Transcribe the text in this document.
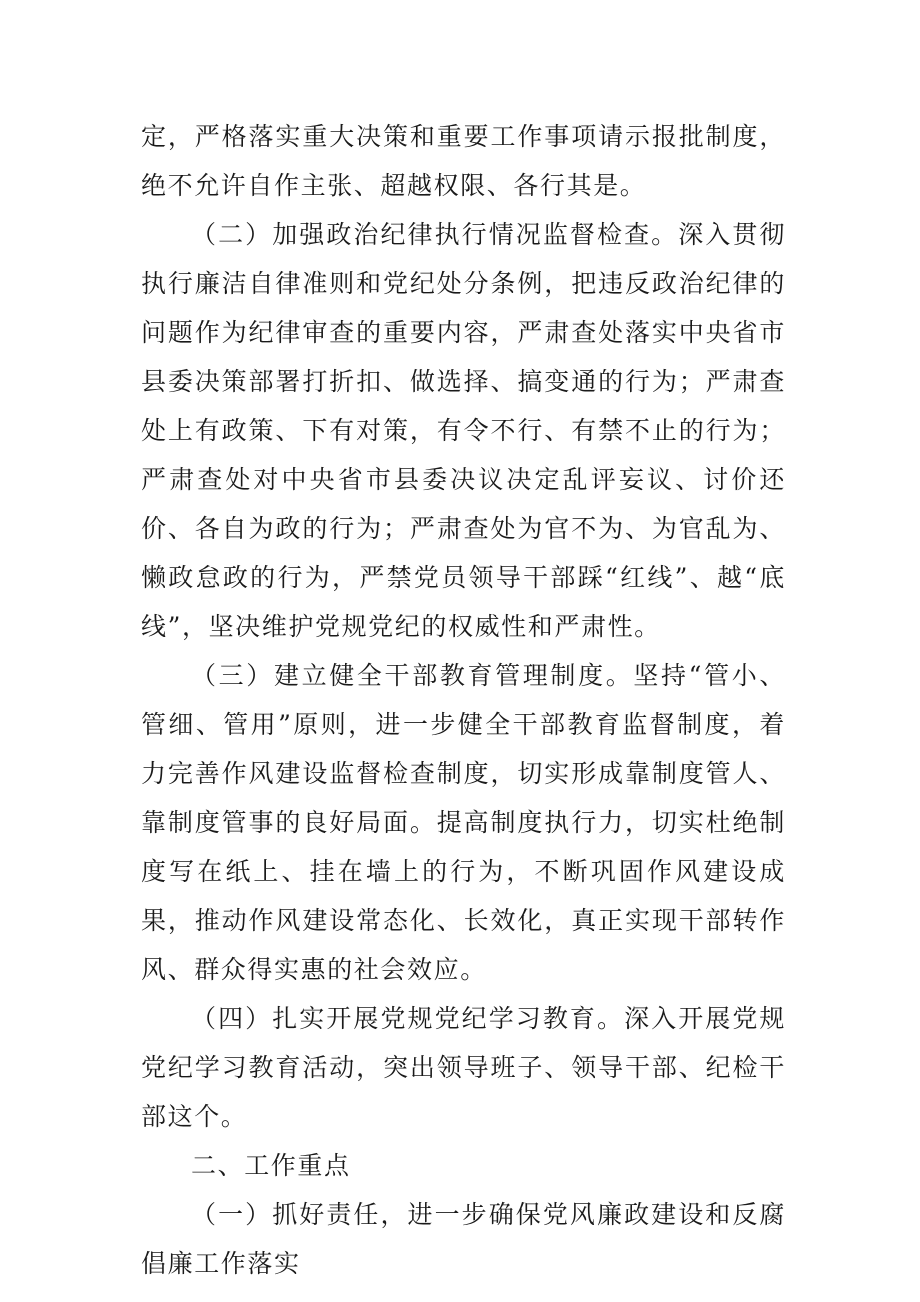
定，严格落实重大决策和重要工作事项请示报批制度，绝不允许自作主张、超越权限、各行其是。

（二）加强政治纪律执行情况监督检查。深入贯彻执行廉洁自律准则和党纪处分条例，把违反政治纪律的问题作为纪律审查的重要内容，严肃查处落实中央省市县委决策部署打折扣、做选择、搞变通的行为；严肃查处上有政策、下有对策，有令不行、有禁不止的行为；严肃查处对中央省市县委决议决定乱评妄议、讨价还价、各自为政的行为；严肃查处为官不为、为官乱为、懒政怠政的行为，严禁党员领导干部踩“红线”、越“底线”，坚决维护党规党纪的权威性和严肃性。

（三）建立健全干部教育管理制度。坚持“管小、管细、管用”原则，进一步健全干部教育监督制度，着力完善作风建设监督检查制度，切实形成靠制度管人、靠制度管事的良好局面。提高制度执行力，切实杜绝制度写在纸上、挂在墙上的行为，不断巩固作风建设成果，推动作风建设常态化、长效化，真正实现干部转作风、群众得实惠的社会效应。

（四）扎实开展党规党纪学习教育。深入开展党规党纪学习教育活动，突出领导班子、领导干部、纪检干部这个。

二、工作重点

（一）抓好责任，进一步确保党风廉政建设和反腐倡廉工作落实
